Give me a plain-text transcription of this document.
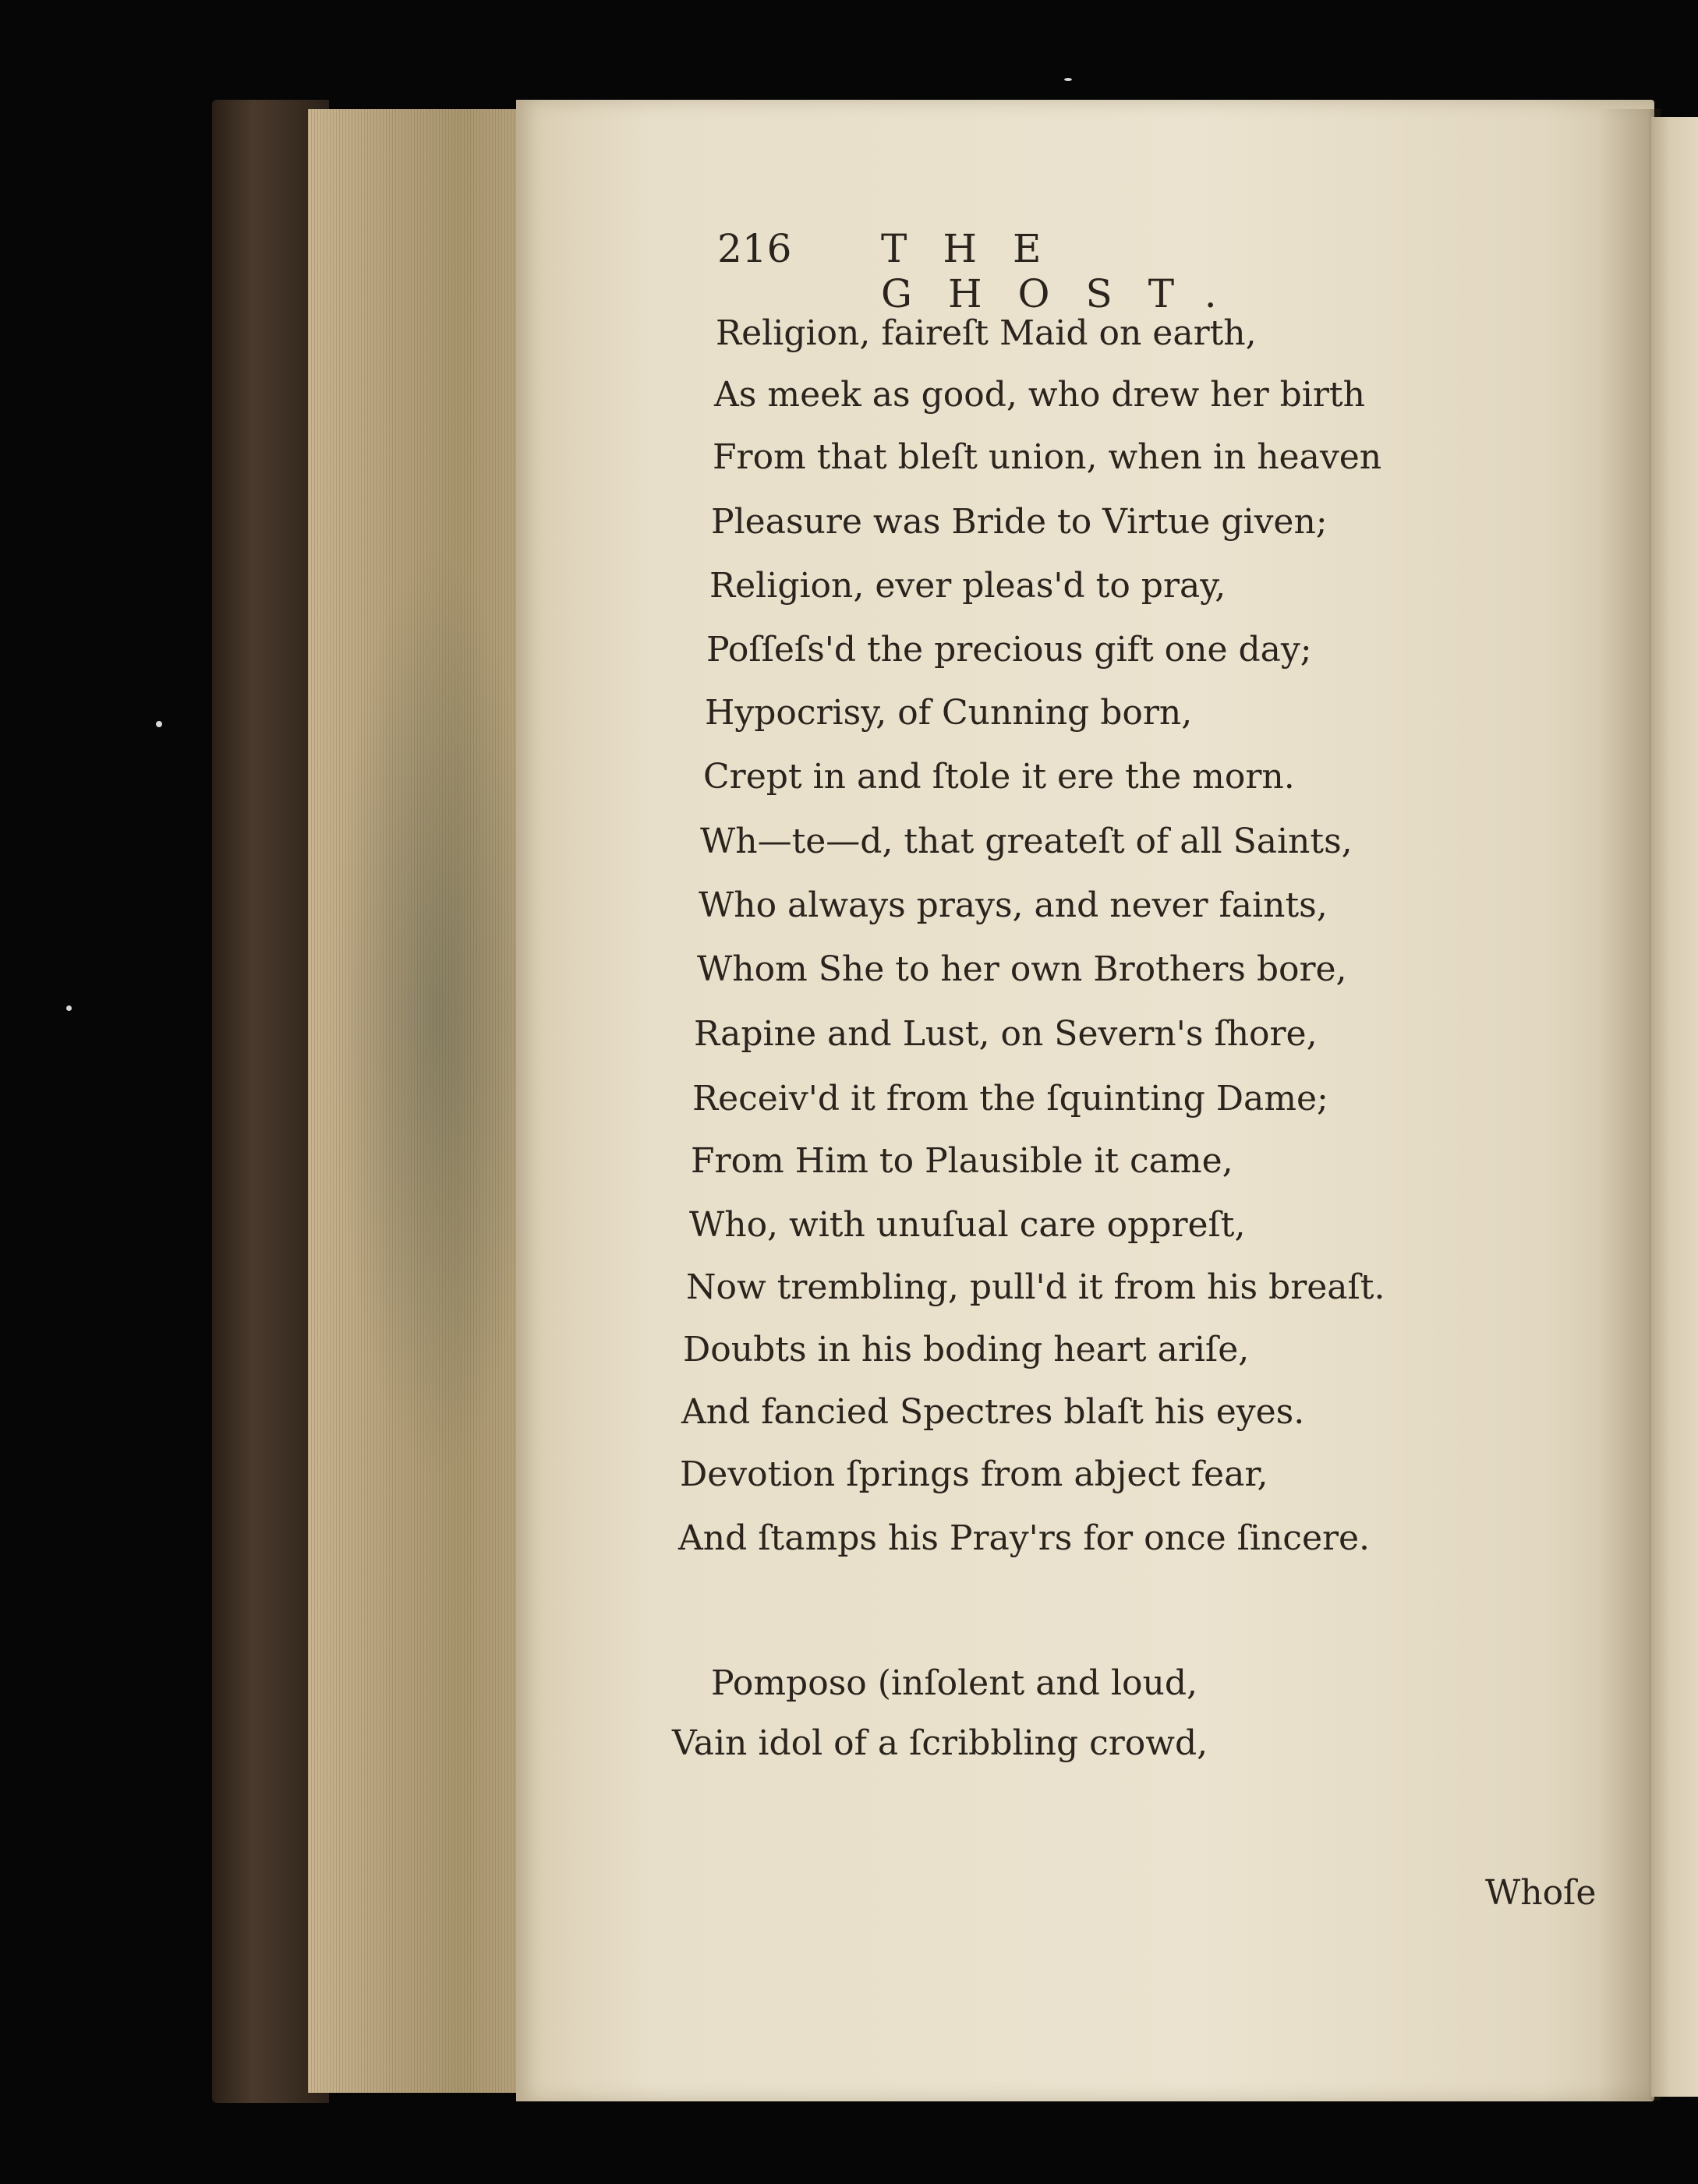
216 THE GHOST.
Religion, faireſt Maid on earth,
As meek as good, who drew her birth
From that bleſt union, when in heaven
Pleasure was Bride to Virtue given;
Religion, ever pleas'd to pray,
Poſſeſs'd the precious gift one day;
Hypocrisy, of Cunning born,
Crept in and ſtole it ere the morn.
Wh—te—d, that greateſt of all Saints,
Who always prays, and never faints,
Whom She to her own Brothers bore,
Rapine and Lust, on Severn's ſhore,
Receiv'd it from the ſquinting Dame;
From Him to Plausible it came,
Who, with unuſual care oppreſt,
Now trembling, pull'd it from his breaſt.
Doubts in his boding heart ariſe,
And fancied Spectres blaſt his eyes.
Devotion ſprings from abject fear,
And ſtamps his Pray'rs for once ſincere.
Pomposo (inſolent and loud,
Vain idol of a ſcribbling crowd,
Whoſe
